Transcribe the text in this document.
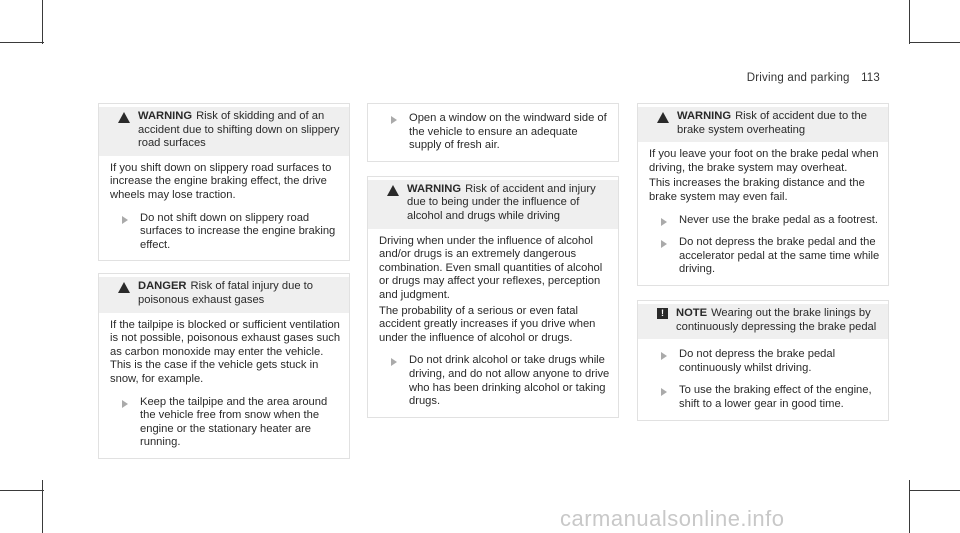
Driving and parking 113
WARNING Risk of skidding and of an accident due to shifting down on slippery road surfaces
If you shift down on slippery road surfaces to increase the engine braking effect, the drive wheels may lose traction.
Do not shift down on slippery road surfaces to increase the engine braking effect.
DANGER Risk of fatal injury due to poisonous exhaust gases
If the tailpipe is blocked or sufficient ventilation is not possible, poisonous exhaust gases such as carbon monoxide may enter the vehicle. This is the case if the vehicle gets stuck in snow, for example.
Keep the tailpipe and the area around the vehicle free from snow when the engine or the stationary heater are running.
Open a window on the windward side of the vehicle to ensure an adequate supply of fresh air.
WARNING Risk of accident and injury due to being under the influence of alcohol and drugs while driving
Driving when under the influence of alcohol and/or drugs is an extremely dangerous combination. Even small quantities of alcohol or drugs may affect your reflexes, perception and judgment.
The probability of a serious or even fatal accident greatly increases if you drive when under the influence of alcohol or drugs.
Do not drink alcohol or take drugs while driving, and do not allow anyone to drive who has been drinking alcohol or taking drugs.
WARNING Risk of accident due to the brake system overheating
If you leave your foot on the brake pedal when driving, the brake system may overheat.
This increases the braking distance and the brake system may even fail.
Never use the brake pedal as a footrest.
Do not depress the brake pedal and the accelerator pedal at the same time while driving.
!	NOTE Wearing out the brake linings by continuously depressing the brake pedal
Do not depress the brake pedal continuously whilst driving.
To use the braking effect of the engine, shift to a lower gear in good time.
carmanualsonline.info
